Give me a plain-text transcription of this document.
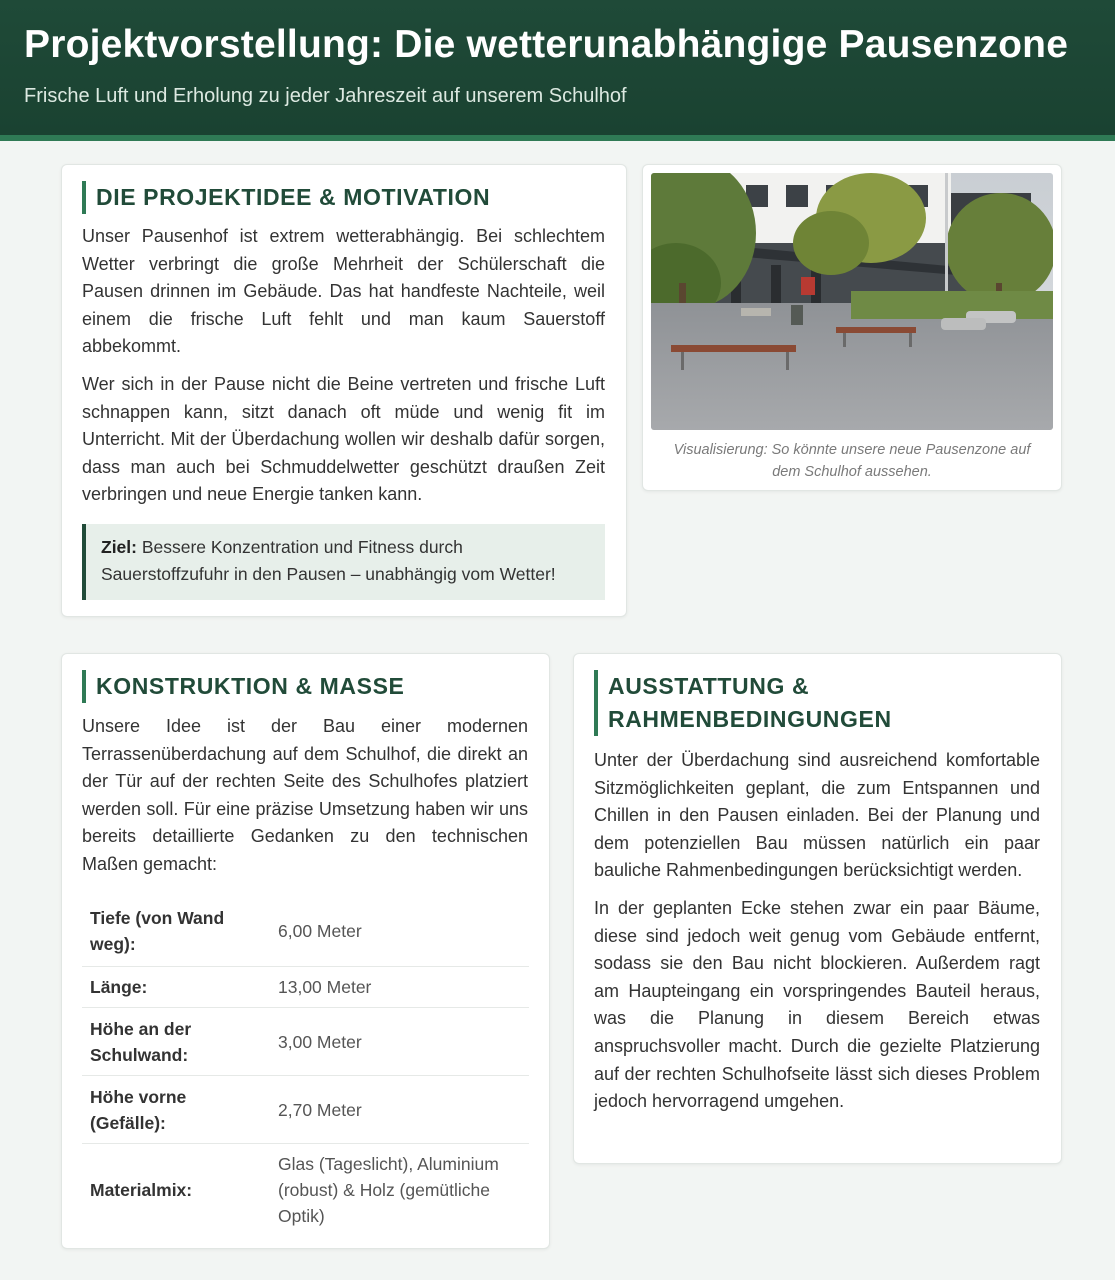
Projektvorstellung: Die wetterunabhängige Pausenzone
Frische Luft und Erholung zu jeder Jahreszeit auf unserem Schulhof
DIE PROJEKTIDEE & MOTIVATION

Unser Pausenhof ist extrem wetterabhängig. Bei schlechtem Wetter verbringt die große Mehrheit der Schülerschaft die Pausen drinnen im Gebäude. Das hat handfeste Nachteile, weil einem die frische Luft fehlt und man kaum Sauerstoff abbekommt.

Wer sich in der Pause nicht die Beine vertreten und frische Luft schnappen kann, sitzt danach oft müde und wenig fit im Unterricht. Mit der Überdachung wollen wir deshalb dafür sorgen, dass man auch bei Schmuddelwetter geschützt draußen Zeit verbringen und neue Energie tanken kann.

Ziel: Bessere Konzentration und Fitness durch Sauerstoffzufuhr in den Pausen – unabhängig vom Wetter!
Visualisierung: So könnte unsere neue Pausenzone auf dem Schulhof aussehen.
KONSTRUKTION & MASSE

Unsere Idee ist der Bau einer modernen Terrassenüberdachung auf dem Schulhof, die direkt an der Tür auf der rechten Seite des Schulhofes platziert werden soll. Für eine präzise Umsetzung haben wir uns bereits detaillierte Gedanken zu den technischen Maßen gemacht:

Tiefe (von Wand weg):	6,00 Meter
Länge:	13,00 Meter
Höhe an der Schulwand:	3,00 Meter
Höhe vorne (Gefälle):	2,70 Meter
Materialmix:	Glas (Tageslicht), Aluminium (robust) & Holz (gemütliche Optik)
AUSSTATTUNG & RAHMENBEDINGUNGEN

Unter der Überdachung sind ausreichend komfortable Sitzmöglichkeiten geplant, die zum Entspannen und Chillen in den Pausen einladen. Bei der Planung und dem potenziellen Bau müssen natürlich ein paar bauliche Rahmenbedingungen berücksichtigt werden.

In der geplanten Ecke stehen zwar ein paar Bäume, diese sind jedoch weit genug vom Gebäude entfernt, sodass sie den Bau nicht blockieren. Außerdem ragt am Haupteingang ein vorspringendes Bauteil heraus, was die Planung in diesem Bereich etwas anspruchsvoller macht. Durch die gezielte Platzierung auf der rechten Schulhofseite lässt sich dieses Problem jedoch hervorragend umgehen.
